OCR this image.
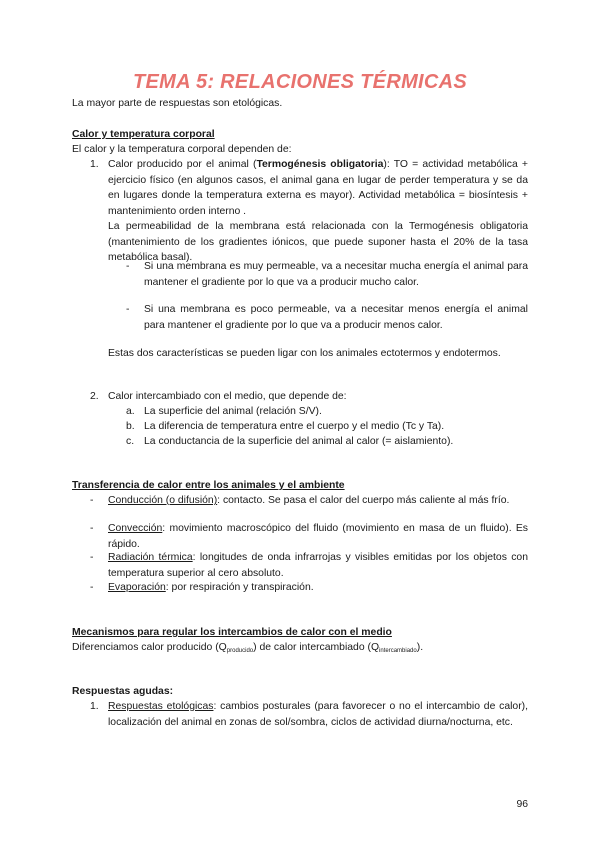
TEMA 5: RELACIONES TÉRMICAS
La mayor parte de respuestas son etológicas.
Calor y temperatura corporal
El calor y la temperatura corporal dependen de:
1. Calor producido por el animal (Termogénesis obligatoria): TO = actividad metabólica + ejercicio físico (en algunos casos, el animal gana en lugar de perder temperatura y se da en lugares donde la temperatura externa es mayor). Actividad metabólica = biosíntesis + mantenimiento orden interno .
La permeabilidad de la membrana está relacionada con la Termogénesis obligatoria (mantenimiento de los gradientes iónicos, que puede suponer hasta el 20% de la tasa metabólica basal).
- Si una membrana es muy permeable, va a necesitar mucha energía el animal para mantener el gradiente por lo que va a producir mucho calor.
- Si una membrana es poco permeable, va a necesitar menos energía el animal para mantener el gradiente por lo que va a producir menos calor.
Estas dos características se pueden ligar con los animales ectotermos y endotermos.
2. Calor intercambiado con el medio, que depende de:
a. La superficie del animal (relación S/V).
b. La diferencia de temperatura entre el cuerpo y el medio (Tc y Ta).
c. La conductancia de la superficie del animal al calor (= aislamiento).
Transferencia de calor entre los animales y el ambiente
- Conducción (o difusión): contacto. Se pasa el calor del cuerpo más caliente al más frío.
- Convección: movimiento macroscópico del fluido (movimiento en masa de un fluido). Es rápido.
- Radiación térmica: longitudes de onda infrarrojas y visibles emitidas por los objetos con temperatura superior al cero absoluto.
- Evaporación: por respiración y transpiración.
Mecanismos para regular los intercambios de calor con el medio
Diferenciamos calor producido (Qproducido) de calor intercambiado (Qintercambiado).
Respuestas agudas:
1. Respuestas etológicas: cambios posturales (para favorecer o no el intercambio de calor), localización del animal en zonas de sol/sombra, ciclos de actividad diurna/nocturna, etc.
96
